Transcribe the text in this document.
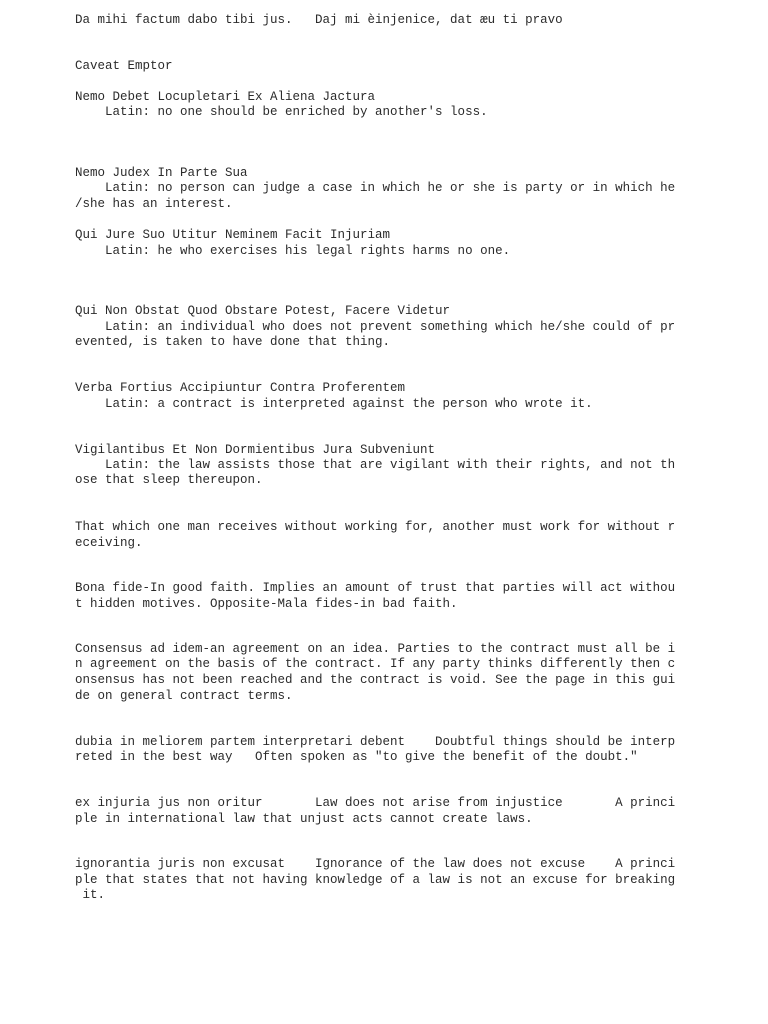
Da mihi factum dabo tibi jus.   Daj mi èinjenice, dat æu ti pravo

Caveat Emptor

Nemo Debet Locupletari Ex Aliena Jactura

Latin: no one should be enriched by another's loss.

Nemo Judex In Parte Sua

Latin: no person can judge a case in which he or she is party or in which he

/she has an interest.

Qui Jure Suo Utitur Neminem Facit Injuriam

Latin: he who exercises his legal rights harms no one.

Qui Non Obstat Quod Obstare Potest, Facere Videtur

Latin: an individual who does not prevent something which he/she could of pr

evented, is taken to have done that thing.

Verba Fortius Accipiuntur Contra Proferentem

Latin: a contract is interpreted against the person who wrote it.

Vigilantibus Et Non Dormientibus Jura Subveniunt

Latin: the law assists those that are vigilant with their rights, and not th

ose that sleep thereupon.

That which one man receives without working for, another must work for without r

eceiving.

Bona fide-In good faith. Implies an amount of trust that parties will act withou

t hidden motives. Opposite-Mala fides-in bad faith.

Consensus ad idem-an agreement on an idea. Parties to the contract must all be i

n agreement on the basis of the contract. If any party thinks differently then c

onsensus has not been reached and the contract is void. See the page in this gui

de on general contract terms.

dubia in meliorem partem interpretari debent    Doubtful things should be interp

reted in the best way   Often spoken as "to give the benefit of the doubt."

ex injuria jus non oritur       Law does not arise from injustice       A princi

ple in international law that unjust acts cannot create laws.

ignorantia juris non excusat    Ignorance of the law does not excuse    A princi

ple that states that not having knowledge of a law is not an excuse for breaking

it.
